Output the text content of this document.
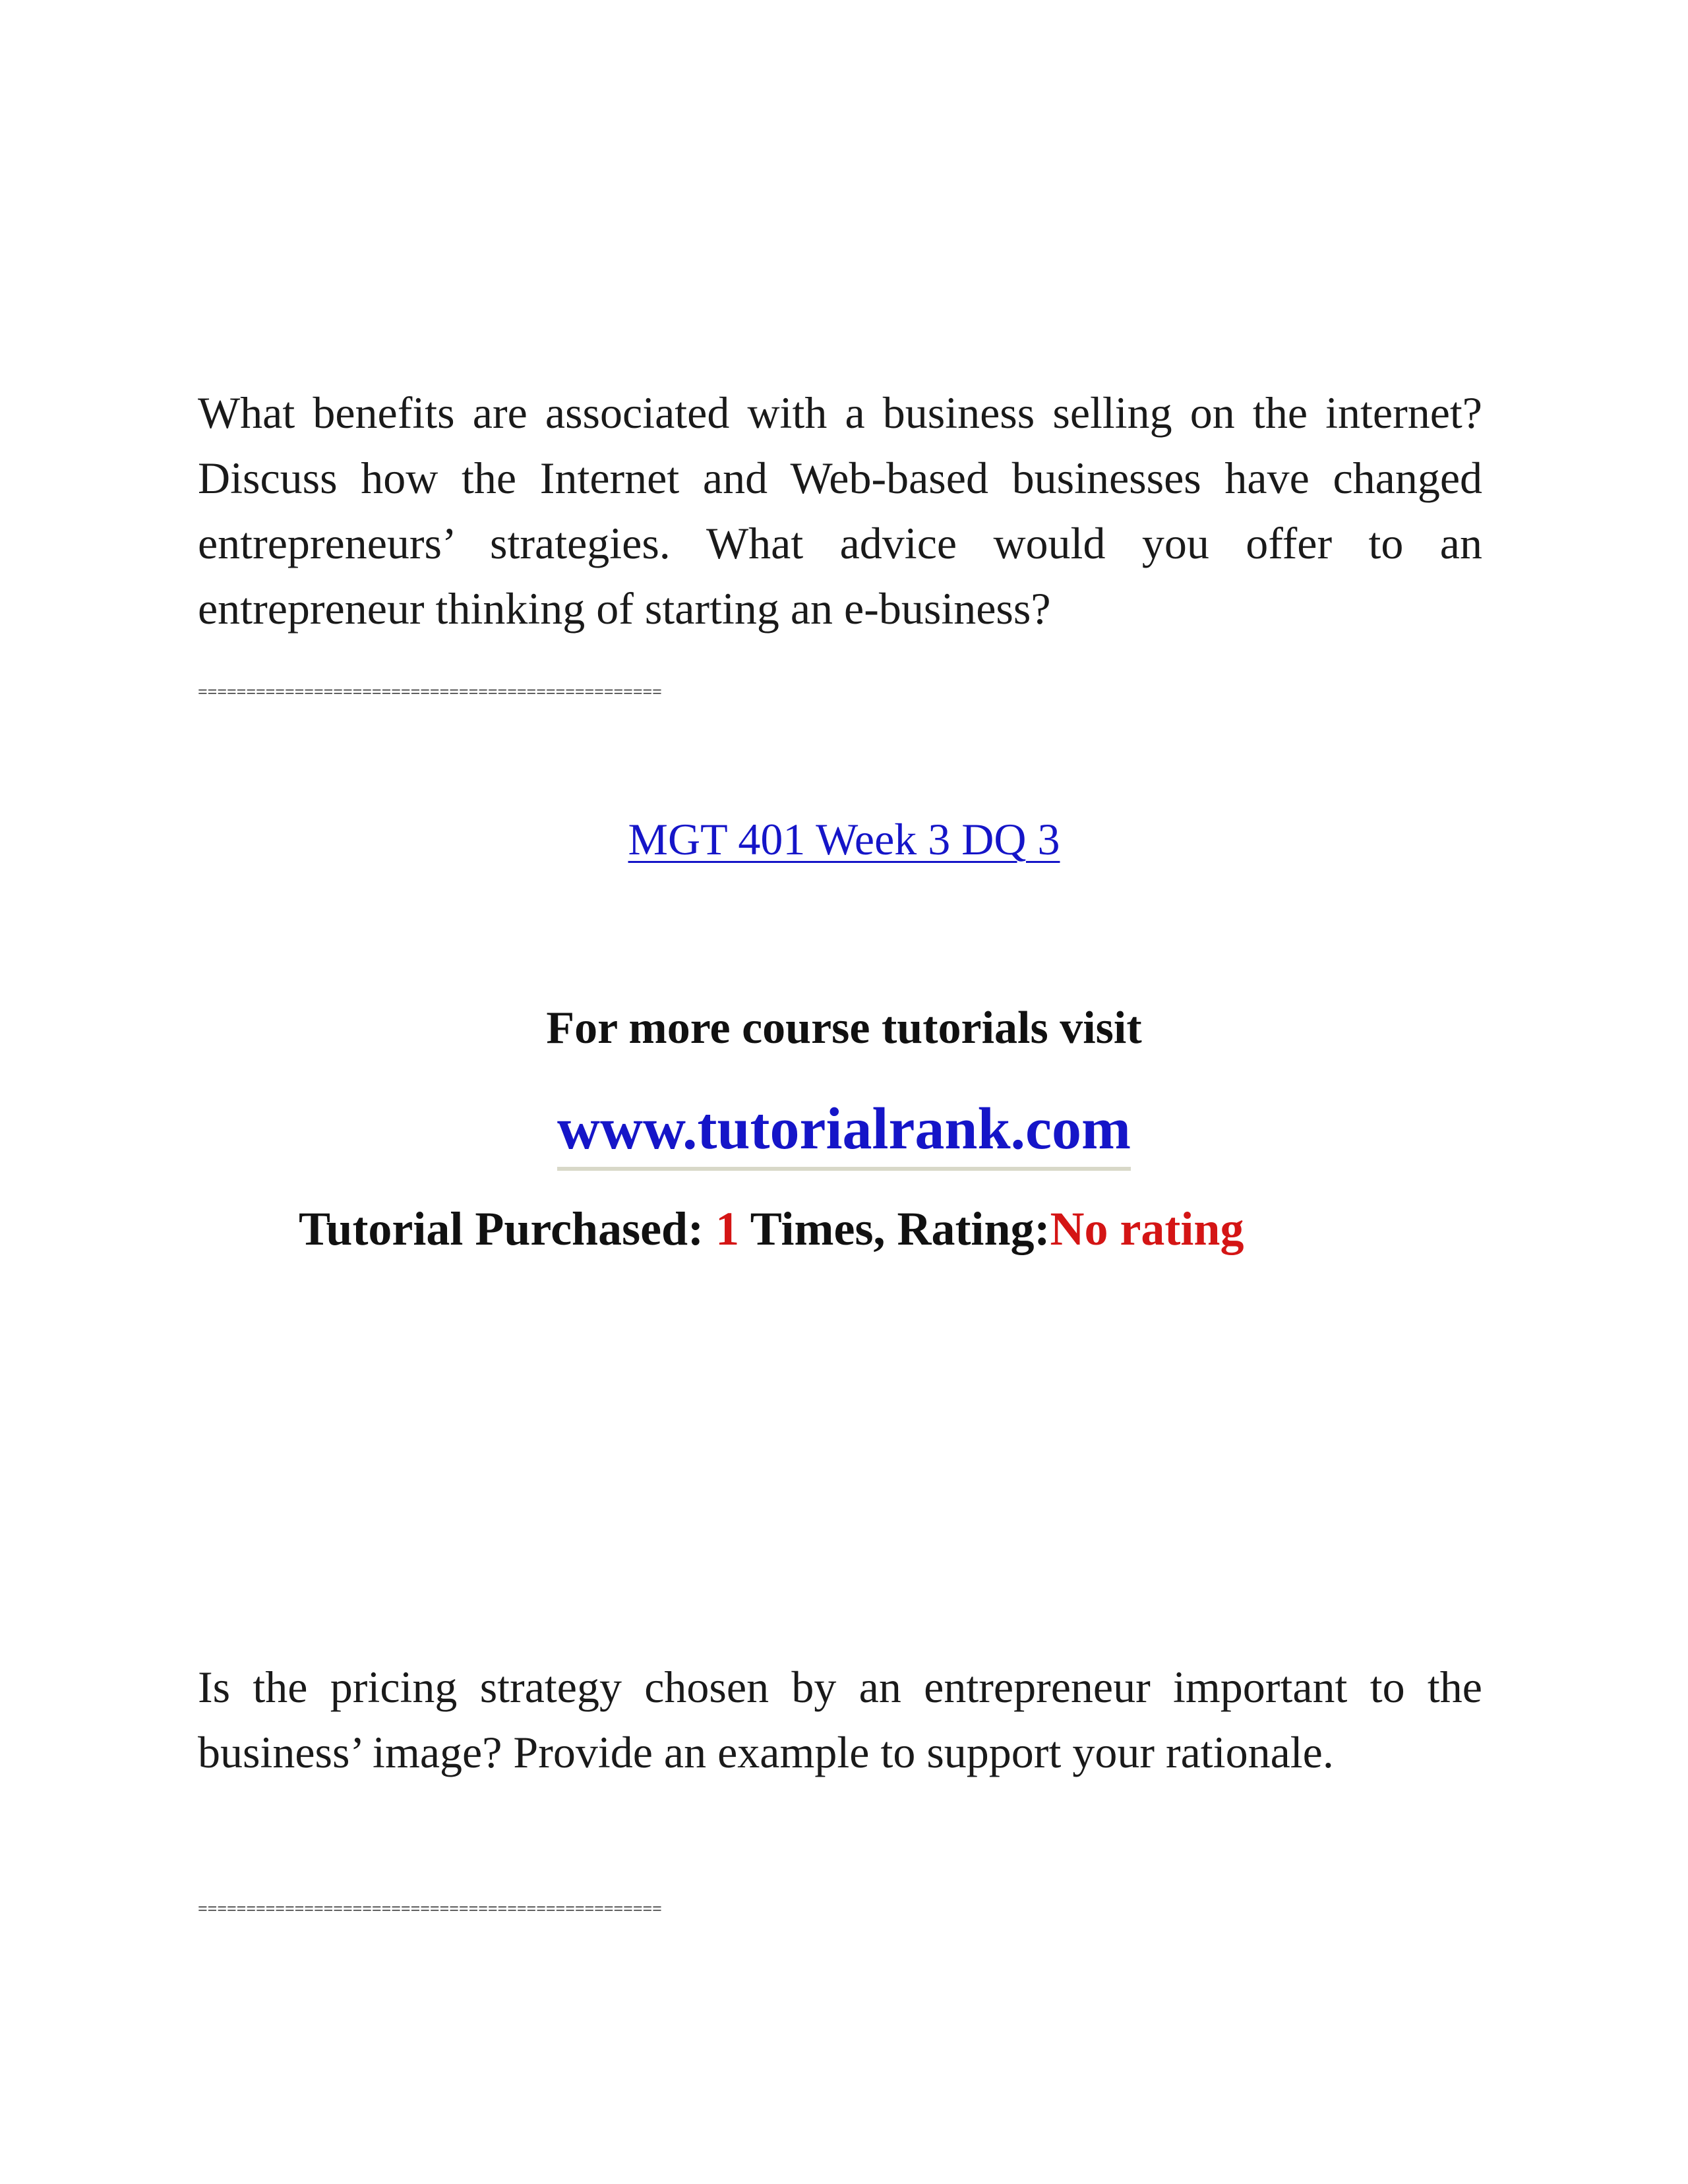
What benefits are associated with a business selling on the internet? Discuss how the Internet and Web-based businesses have changed entrepreneurs’ strategies. What advice would you offer to an entrepreneur thinking of starting an e-business?

================================================

MGT 401 Week 3 DQ 3

For more course tutorials visit

www.tutorialrank.com

Tutorial Purchased: 1 Times, Rating:No rating

Is the pricing strategy chosen by an entrepreneur important to the business’ image? Provide an example to support your rationale.

================================================
